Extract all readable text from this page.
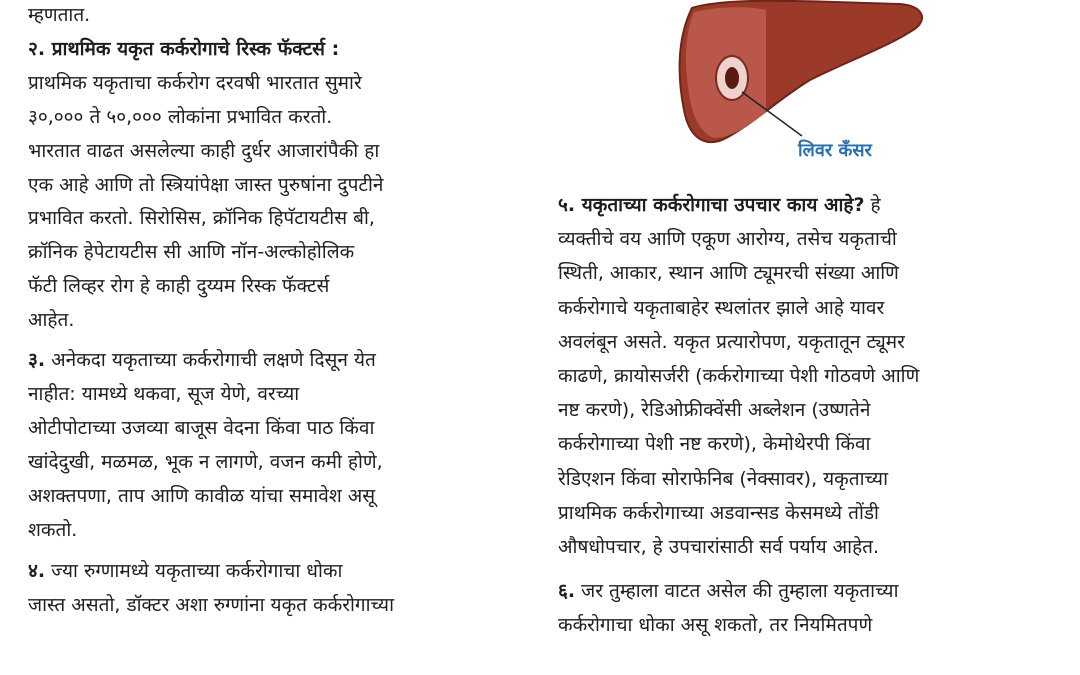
म्हणतात.
२. प्राथमिक यकृत कर्करोगाचे रिस्क फॅक्टर्स :
प्राथमिक यकृताचा कर्करोग दरवषी भारतात सुमारे
३०,००० ते ५०,००० लोकांना प्रभावित करतो.
भारतात वाढत असलेल्या काही दुर्धर आजारांपैकी हा
एक आहे आणि तो स्त्रियांपेक्षा जास्त पुरुषांना दुपटीने
प्रभावित करतो. सिरोसिस, क्रॉनिक हिपॅटायटीस बी,
क्रॉनिक हेपेटायटीस सी आणि नॉन-अल्कोहोलिक
फॅटी लिव्हर रोग हे काही दुय्यम रिस्क फॅक्टर्स
आहेत.
३. अनेकदा यकृताच्या कर्करोगाची लक्षणे दिसून येत
नाहीत: यामध्ये थकवा, सूज येणे, वरच्या
ओटीपोटाच्या उजव्या बाजूस वेदना किंवा पाठ किंवा
खांदेदुखी, मळमळ, भूक न लागणे, वजन कमी होणे,
अशक्तपणा, ताप आणि कावीळ यांचा समावेश असू
शकतो.
४. ज्या रुग्णामध्ये यकृताच्या कर्करोगाचा धोका
जास्त असतो, डॉक्टर अशा रुग्णांना यकृत कर्करोगाच्या
लिवर कॅंसर
५. यकृताच्या कर्करोगाचा उपचार काय आहे? हे
व्यक्तीचे वय आणि एकूण आरोग्य, तसेच यकृताची
स्थिती, आकार, स्थान आणि ट्यूमरची संख्या आणि
कर्करोगाचे यकृताबाहेर स्थलांतर झाले आहे यावर
अवलंबून असते. यकृत प्रत्यारोपण, यकृतातून ट्यूमर
काढणे, क्रायोसर्जरी (कर्करोगाच्या पेशी गोठवणे आणि
नष्ट करणे), रेडिओफ्रीक्वेंसी अब्लेशन (उष्णतेने
कर्करोगाच्या पेशी नष्ट करणे), केमोथेरपी किंवा
रेडिएशन किंवा सोराफेनिब (नेक्सावर), यकृताच्या
प्राथमिक कर्करोगाच्या अडवान्सड केसमध्ये तोंडी
औषधोपचार, हे उपचारांसाठी सर्व पर्याय आहेत.
६. जर तुम्हाला वाटत असेल की तुम्हाला यकृताच्या
कर्करोगाचा धोका असू शकतो, तर नियमितपणे
